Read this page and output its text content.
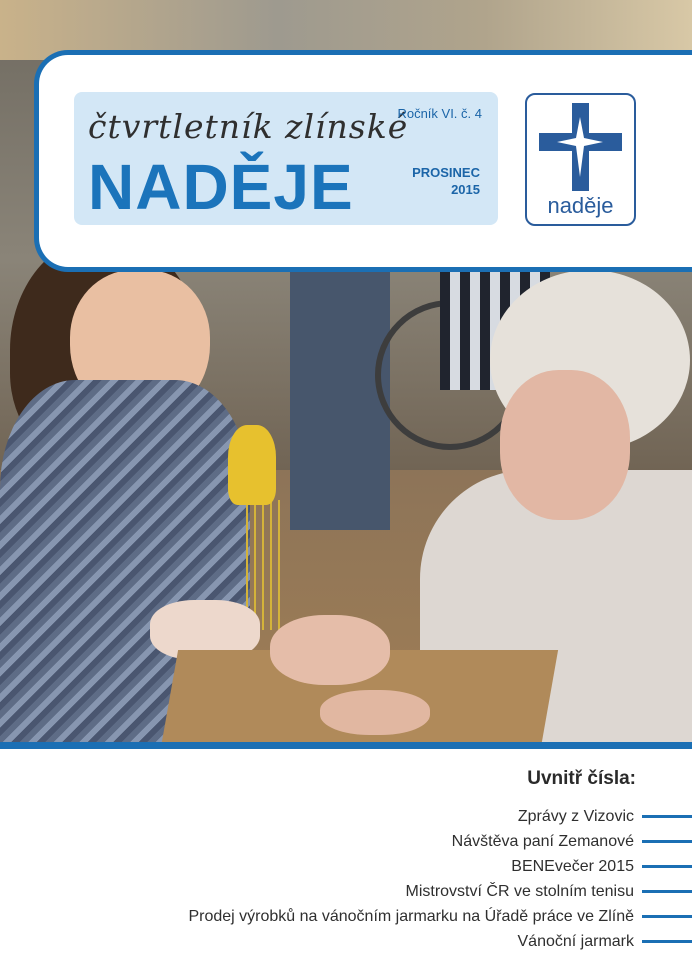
čtvrtletník zlínské
NADĚJE
Ročník VI. č. 4
PROSINEC
2015
naděje
Uvnitř čísla:
Zprávy z Vizovic
Návštěva paní Zemanové
BENEvečer 2015
Mistrovství ČR ve stolním tenisu
Prodej výrobků na vánočním jarmarku na Úřadě práce ve Zlíně
Vánoční jarmark
